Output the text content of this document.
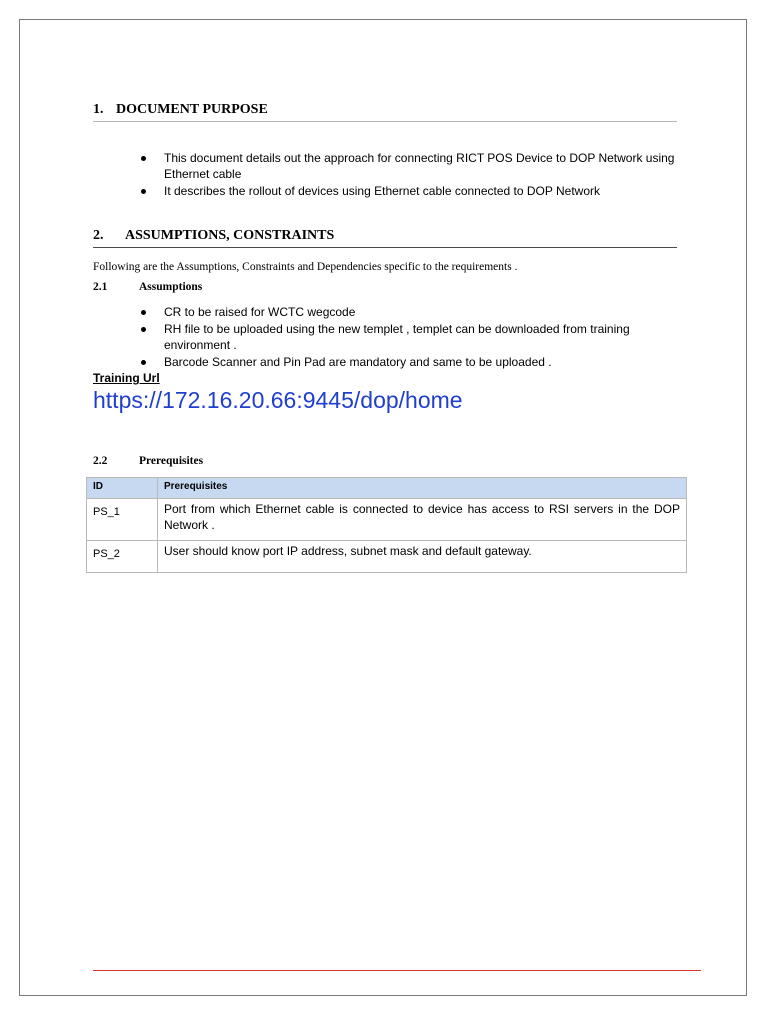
1. DOCUMENT PURPOSE
This document details out the approach for connecting RICT POS Device to DOP Network using Ethernet cable
It describes the rollout of devices using Ethernet cable connected to DOP Network
2. ASSUMPTIONS, CONSTRAINTS
Following are the Assumptions, Constraints and Dependencies specific to the requirements .
2.1	Assumptions
CR to be raised for WCTC wegcode
RH file to be uploaded using the new templet , templet can be downloaded from training environment .
Barcode Scanner and Pin Pad are mandatory and same to be uploaded .
Training Url
https://172.16.20.66:9445/dop/home
2.2	Prerequisites
ID	Prerequisites
PS_1	Port from which Ethernet cable is connected to device has access to RSI servers in the DOP Network .
PS_2	User should know port IP address, subnet mask and default gateway.
